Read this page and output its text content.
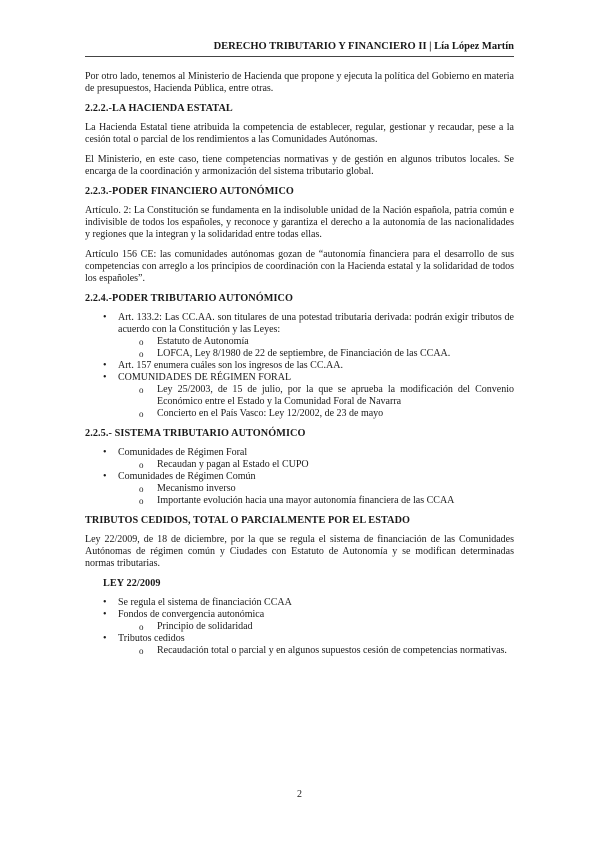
DERECHO TRIBUTARIO Y FINANCIERO II | Lía López Martín

Por otro lado, tenemos al Ministerio de Hacienda que propone y ejecuta la política del Gobierno en materia de presupuestos, Hacienda Pública, entre otras.

2.2.2.-LA HACIENDA ESTATAL

La Hacienda Estatal tiene atribuida la competencia de establecer, regular, gestionar y recaudar, pese a la cesión total o parcial de los rendimientos a las Comunidades Autónomas.

El Ministerio, en este caso, tiene competencias normativas y de gestión en algunos tributos locales. Se encarga de la coordinación y armonización del sistema tributario global.

2.2.3.-PODER FINANCIERO AUTONÓMICO

Artículo. 2: La Constitución se fundamenta en la indisoluble unidad de la Nación española, patria común e indivisible de todos los españoles, y reconoce y garantiza el derecho a la autonomía de las nacionalidades y regiones que la integran y la solidaridad entre todas ellas.

Artículo 156 CE: las comunidades autónomas gozan de “autonomía financiera para el desarrollo de sus competencias con arreglo a los principios de coordinación con la Hacienda estatal y la solidaridad de todos los españoles”.

2.2.4.-PODER TRIBUTARIO AUTONÓMICO
• Art. 133.2: Las CC.AA. son titulares de una potestad tributaria derivada: podrán exigir tributos de acuerdo con la Constitución y las Leyes:
o Estatuto de Autonomía
o LOFCA, Ley 8/1980 de 22 de septiembre, de Financiación de las CCAA.
• Art. 157 enumera cuáles son los ingresos de las CC.AA.
• COMUNIDADES DE RÉGIMEN FORAL
o Ley 25/2003, de 15 de julio, por la que se aprueba la modificación del Convenio Económico entre el Estado y la Comunidad Foral de Navarra
o Concierto en el País Vasco: Ley 12/2002, de 23 de mayo
2.2.5.- SISTEMA TRIBUTARIO AUTONÓMICO
• Comunidades de Régimen Foral
o Recaudan y pagan al Estado el CUPO
• Comunidades de Régimen Común
o Mecanismo inverso
o Importante evolución hacia una mayor autonomía financiera de las CCAA
TRIBUTOS CEDIDOS, TOTAL O PARCIALMENTE POR EL ESTADO

Ley 22/2009, de 18 de diciembre, por la que se regula el sistema de financiación de las Comunidades Autónomas de régimen común y Ciudades con Estatuto de Autonomía y se modifican determinadas normas tributarias.

LEY 22/2009
• Se regula el sistema de financiación CCAA
• Fondos de convergencia autonómica
o Principio de solidaridad
• Tributos cedidos
o Recaudación total o parcial y en algunos supuestos cesión de competencias normativas.
2
